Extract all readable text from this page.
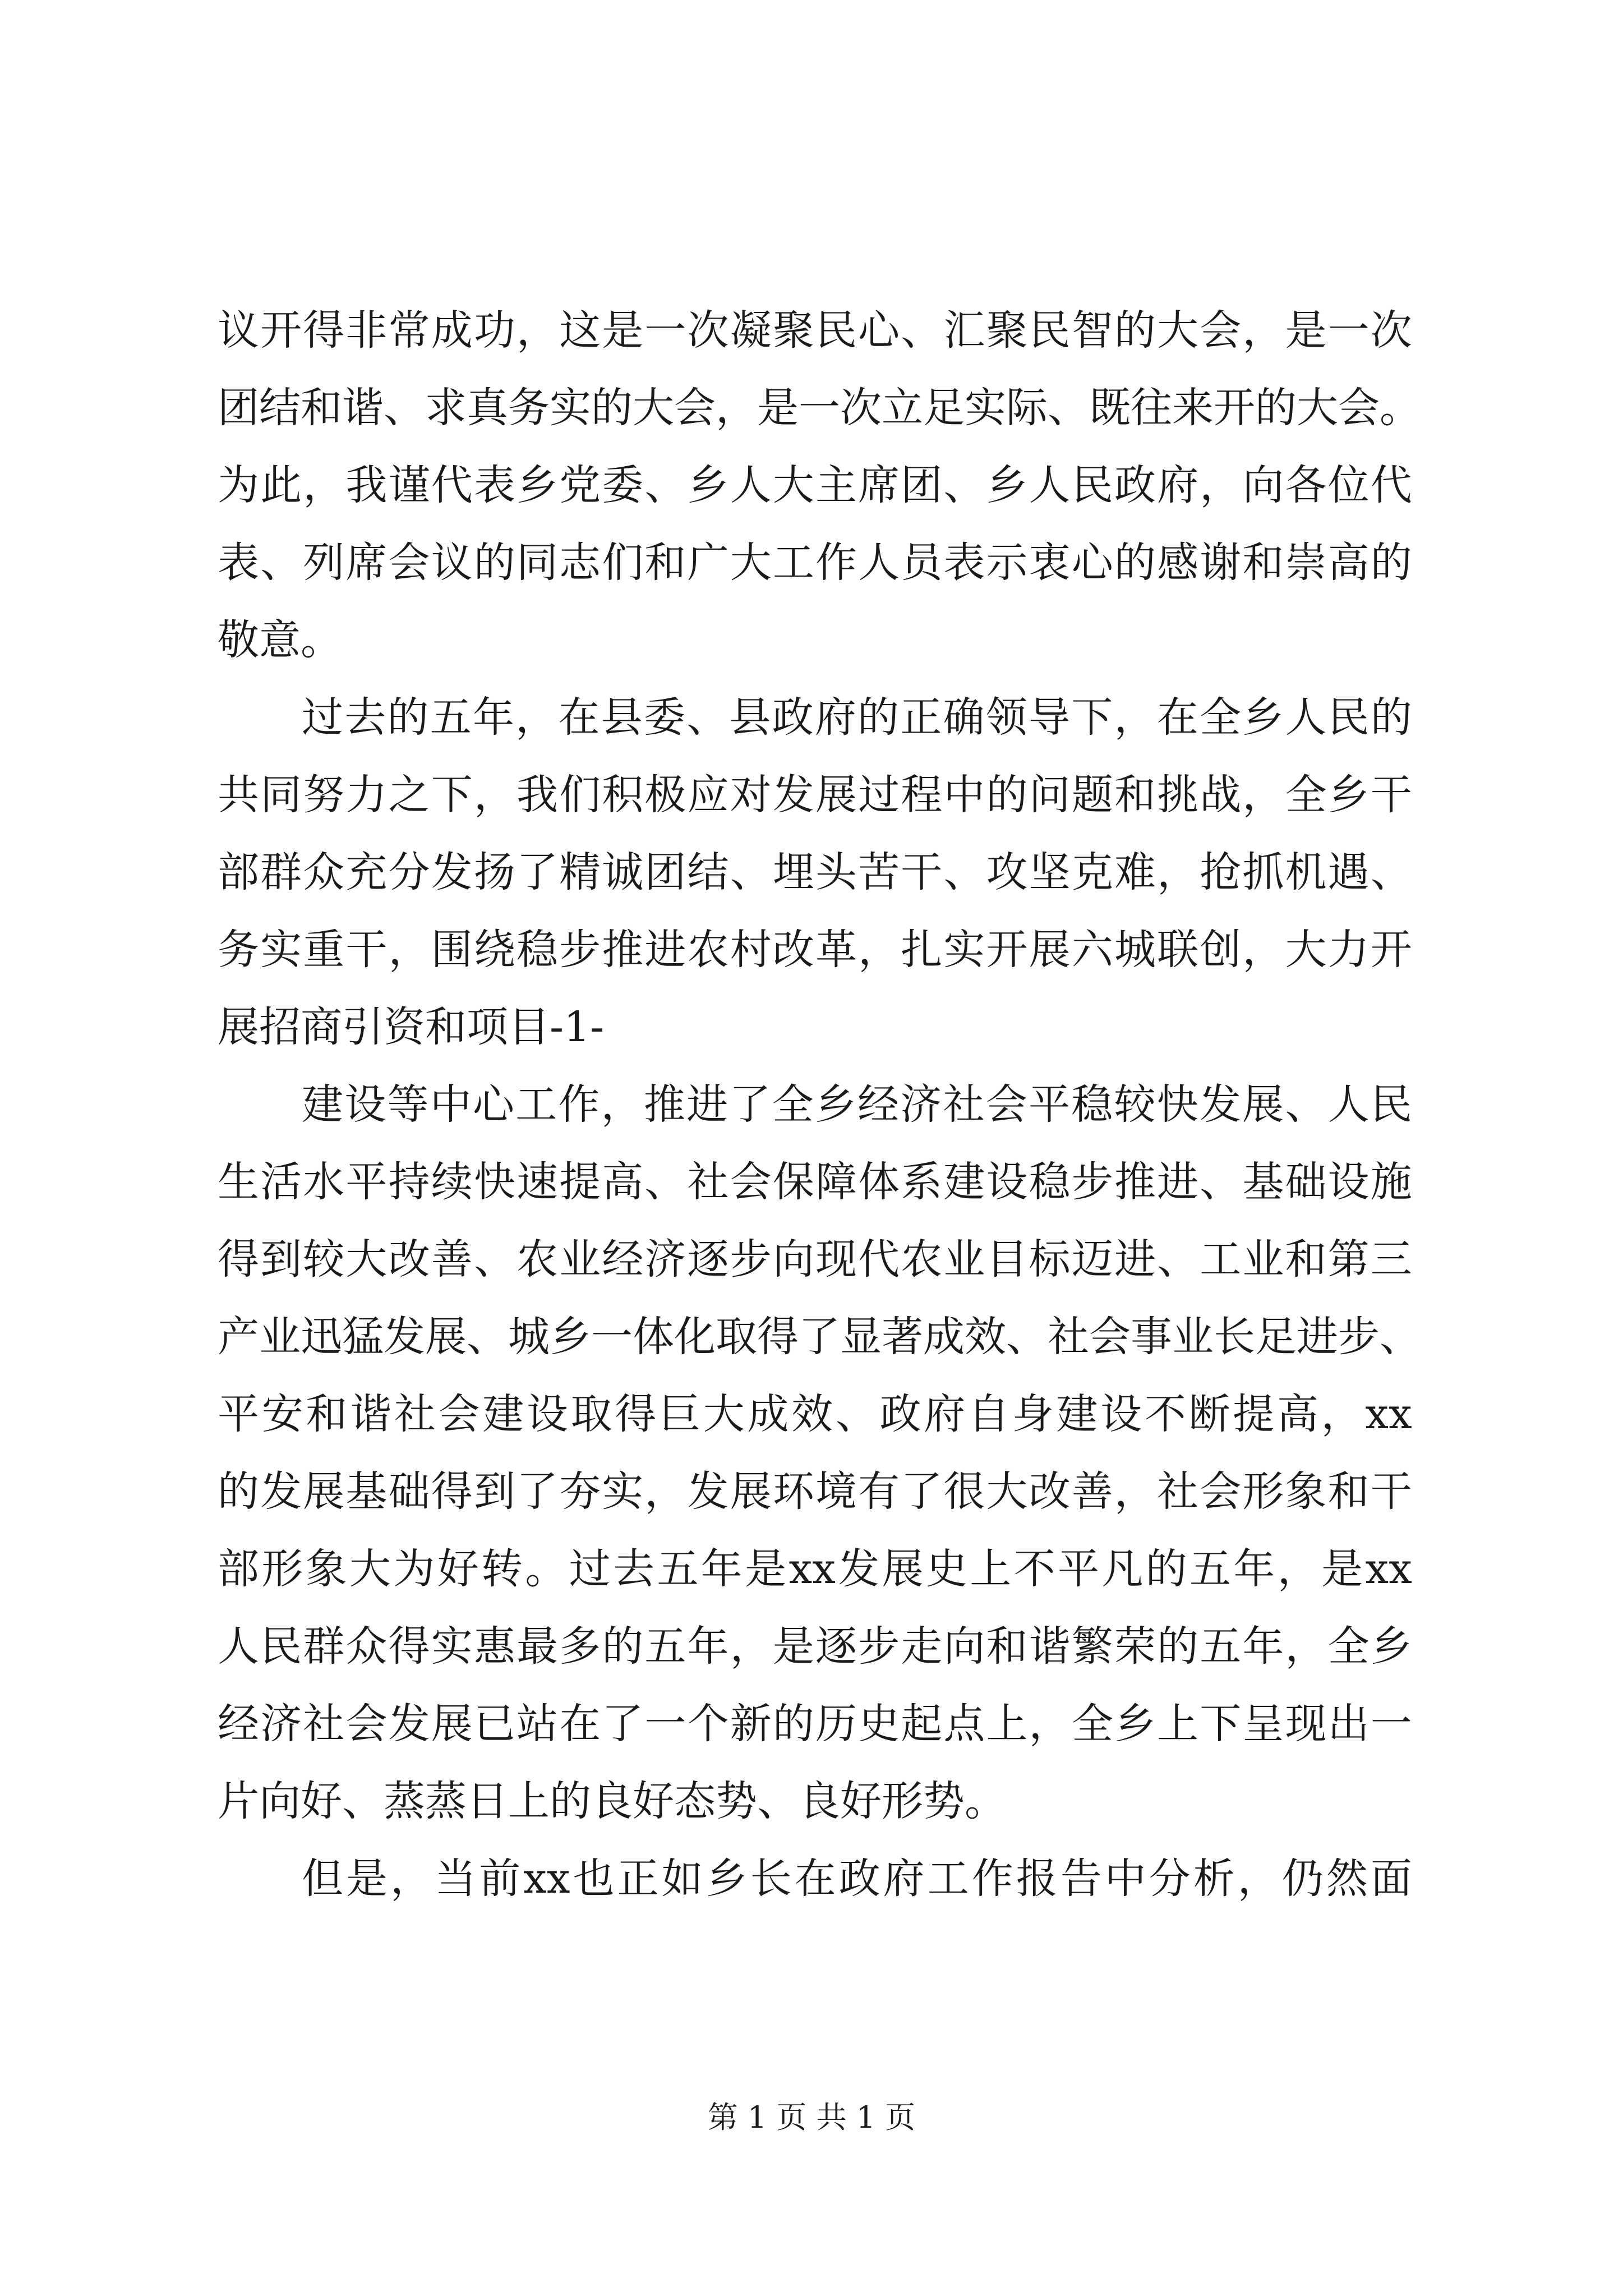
议 开 得 非 常 成 功 ， 这 是 一 次 凝 聚 民 心 、 汇 聚 民 智 的 大 会 ， 是 一 次
团 结 和 谐 、 求 真 务 实 的 大 会 ， 是 一 次 立 足 实 际 、 既 往 来 开 的 大 会 。
为 此 ， 我 谨 代 表 乡 党 委 、 乡 人 大 主 席 团 、 乡 人 民 政 府 ， 向 各 位 代
表 、 列 席 会 议 的 同 志 们 和 广 大 工 作 人 员 表 示 衷 心 的 感 谢 和 崇 高 的
敬意。
过 去 的 五 年 ， 在 县 委 、 县 政 府 的 正 确 领 导 下 ， 在 全 乡 人 民 的
共 同 努 力 之 下 ， 我 们 积 极 应 对 发 展 过 程 中 的 问 题 和 挑 战 ， 全 乡 干
部 群 众 充 分 发 扬 了 精 诚 团 结 、 埋 头 苦 干 、 攻 坚 克 难 ， 抢 抓 机 遇 、
务 实 重 干 ， 围 绕 稳 步 推 进 农 村 改 革 ， 扎 实 开 展 六 城 联 创 ， 大 力 开
展招商引资和项目-1-
建 设 等 中 心 工 作 ， 推 进 了 全 乡 经 济 社 会 平 稳 较 快 发 展 、 人 民
生 活 水 平 持 续 快 速 提 高 、 社 会 保 障 体 系 建 设 稳 步 推 进 、 基 础 设 施
得 到 较 大 改 善 、 农 业 经 济 逐 步 向 现 代 农 业 目 标 迈 进 、 工 业 和 第 三
产 业 迅 猛 发 展 、 城 乡 一 体 化 取 得 了 显 著 成 效 、 社 会 事 业 长 足 进 步 、
平 安 和 谐 社 会 建 设 取 得 巨 大 成 效 、 政 府 自 身 建 设 不 断 提 高 ， xx
的 发 展 基 础 得 到 了 夯 实 ， 发 展 环 境 有 了 很 大 改 善 ， 社 会 形 象 和 干
部 形 象 大 为 好 转 。 过 去 五 年 是 xx 发 展 史 上 不 平 凡 的 五 年 ， 是 xx
人 民 群 众 得 实 惠 最 多 的 五 年 ， 是 逐 步 走 向 和 谐 繁 荣 的 五 年 ， 全 乡
经 济 社 会 发 展 已 站 在 了 一 个 新 的 历 史 起 点 上 ， 全 乡 上 下 呈 现 出 一
片向好、蒸蒸日上的良好态势、良好形势。
但 是 ， 当 前 xx 也 正 如 乡 长 在 政 府 工 作 报 告 中 分 析 ， 仍 然 面
第 1 页 共 1 页
